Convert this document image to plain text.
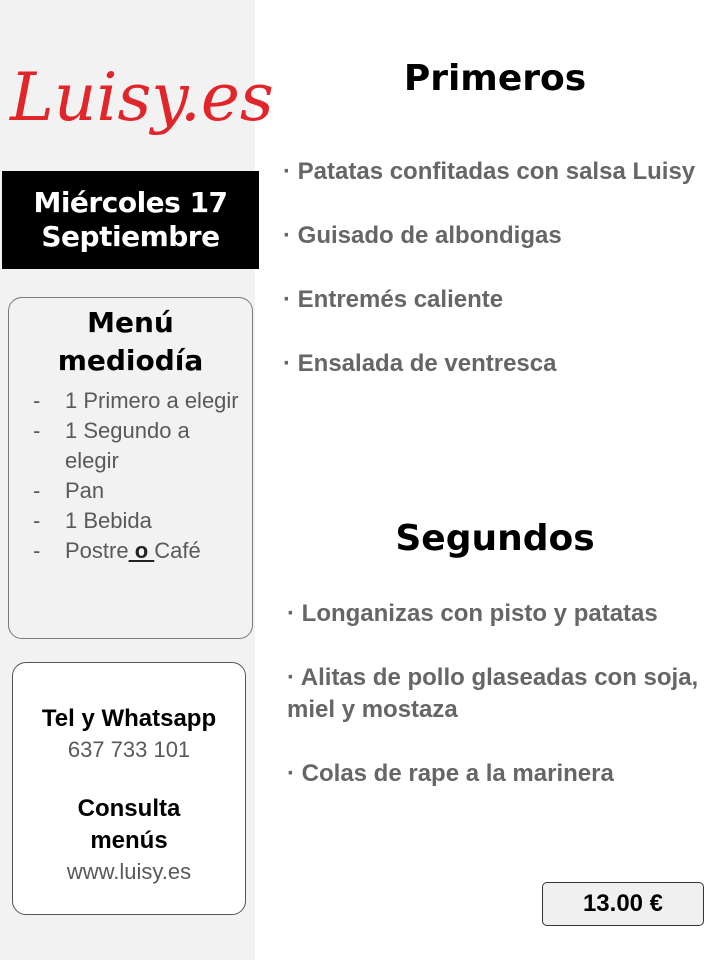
Luisy.es
Miércoles 17
Septiembre
Menú
mediodía
- 1 Primero a elegir
- 1 Segundo a elegir
- Pan
- 1 Bebida
- Postre o Café
Tel y Whatsapp
637 733 101
Consulta
menús
www.luisy.es
Primeros
· Patatas confitadas con salsa Luisy
· Guisado de albondigas
· Entremés caliente
· Ensalada de ventresca
Segundos
· Longanizas con pisto y patatas
· Alitas de pollo glaseadas con soja, miel y mostaza
· Colas de rape a la marinera
13.00 €
